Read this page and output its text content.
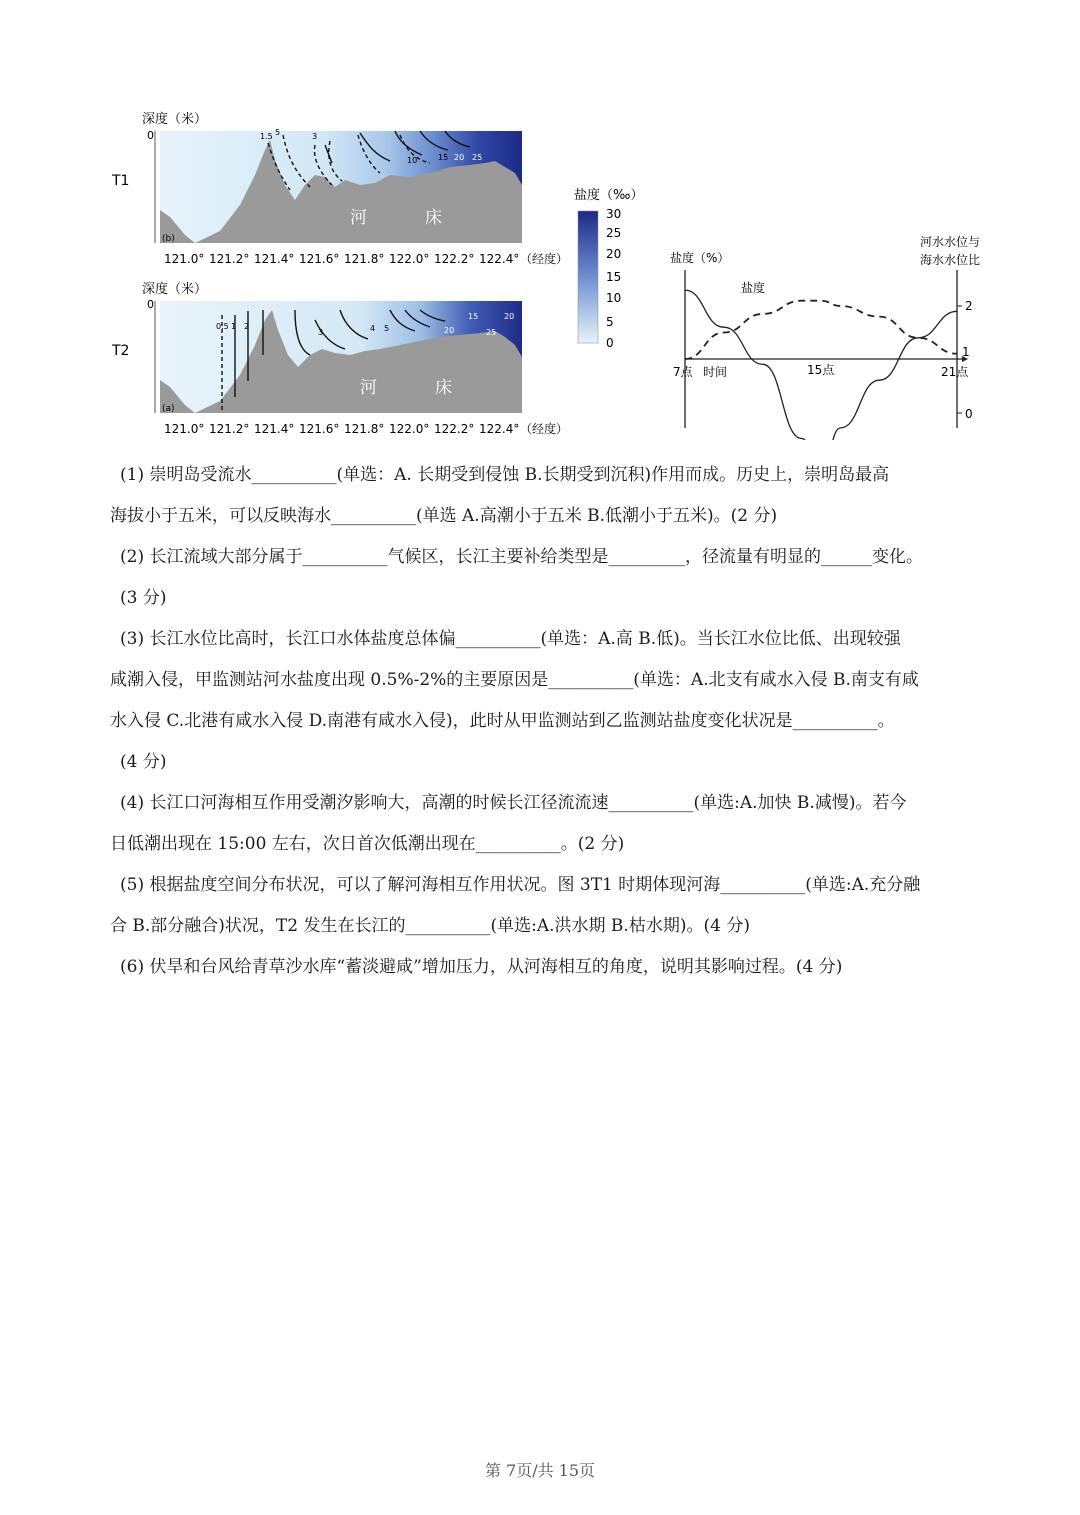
深度（米）
0
T1
1.5 5	3
10	15 20 25
河	床
(b)
121.0° 121.2° 121.4° 121.6° 121.8° 122.0° 122.2° 122.4° （经度）
深度（米）
0
T2
0.5 1 2
3	4 5
15
20	25
20
河	床
(a)
121.0° 121.2° 121.4° 121.6° 121.8° 122.0° 122.2° 122.4° （经度）
盐度（‰）
30
25
20
15
10
5
0
盐度（%）
河水水位与
海水水位比
盐度
7点 时间	15点	21点
2
1
0

(1) 崇明岛受流水__________(单选：A. 长期受到侵蚀 B.长期受到沉积)作用而成。历史上，崇明岛最高

海拔小于五米，可以反映海水__________(单选 A.高潮小于五米 B.低潮小于五米)。(2 分)

(2) 长江流域大部分属于__________气候区，长江主要补给类型是_________，径流量有明显的______变化。

(3 分)

(3) 长江水位比高时，长江口水体盐度总体偏__________(单选：A.高 B.低)。当长江水位比低、出现较强

咸潮入侵，甲监测站河水盐度出现 0.5%-2%的主要原因是__________(单选：A.北支有咸水入侵 B.南支有咸

水入侵 C.北港有咸水入侵 D.南港有咸水入侵)，此时从甲监测站到乙监测站盐度变化状况是__________。

(4 分)

(4) 长江口河海相互作用受潮汐影响大，高潮的时候长江径流流速__________(单选:A.加快 B.减慢)。若今

日低潮出现在 15:00 左右，次日首次低潮出现在__________。(2 分)

(5) 根据盐度空间分布状况，可以了解河海相互作用状况。图 3T1 时期体现河海__________(单选:A.充分融

合 B.部分融合)状况，T2 发生在长江的__________(单选:A.洪水期 B.枯水期)。(4 分)

(6) 伏旱和台风给青草沙水库“蓄淡避咸”增加压力，从河海相互的角度，说明其影响过程。(4 分)

第 7页/共 15页
